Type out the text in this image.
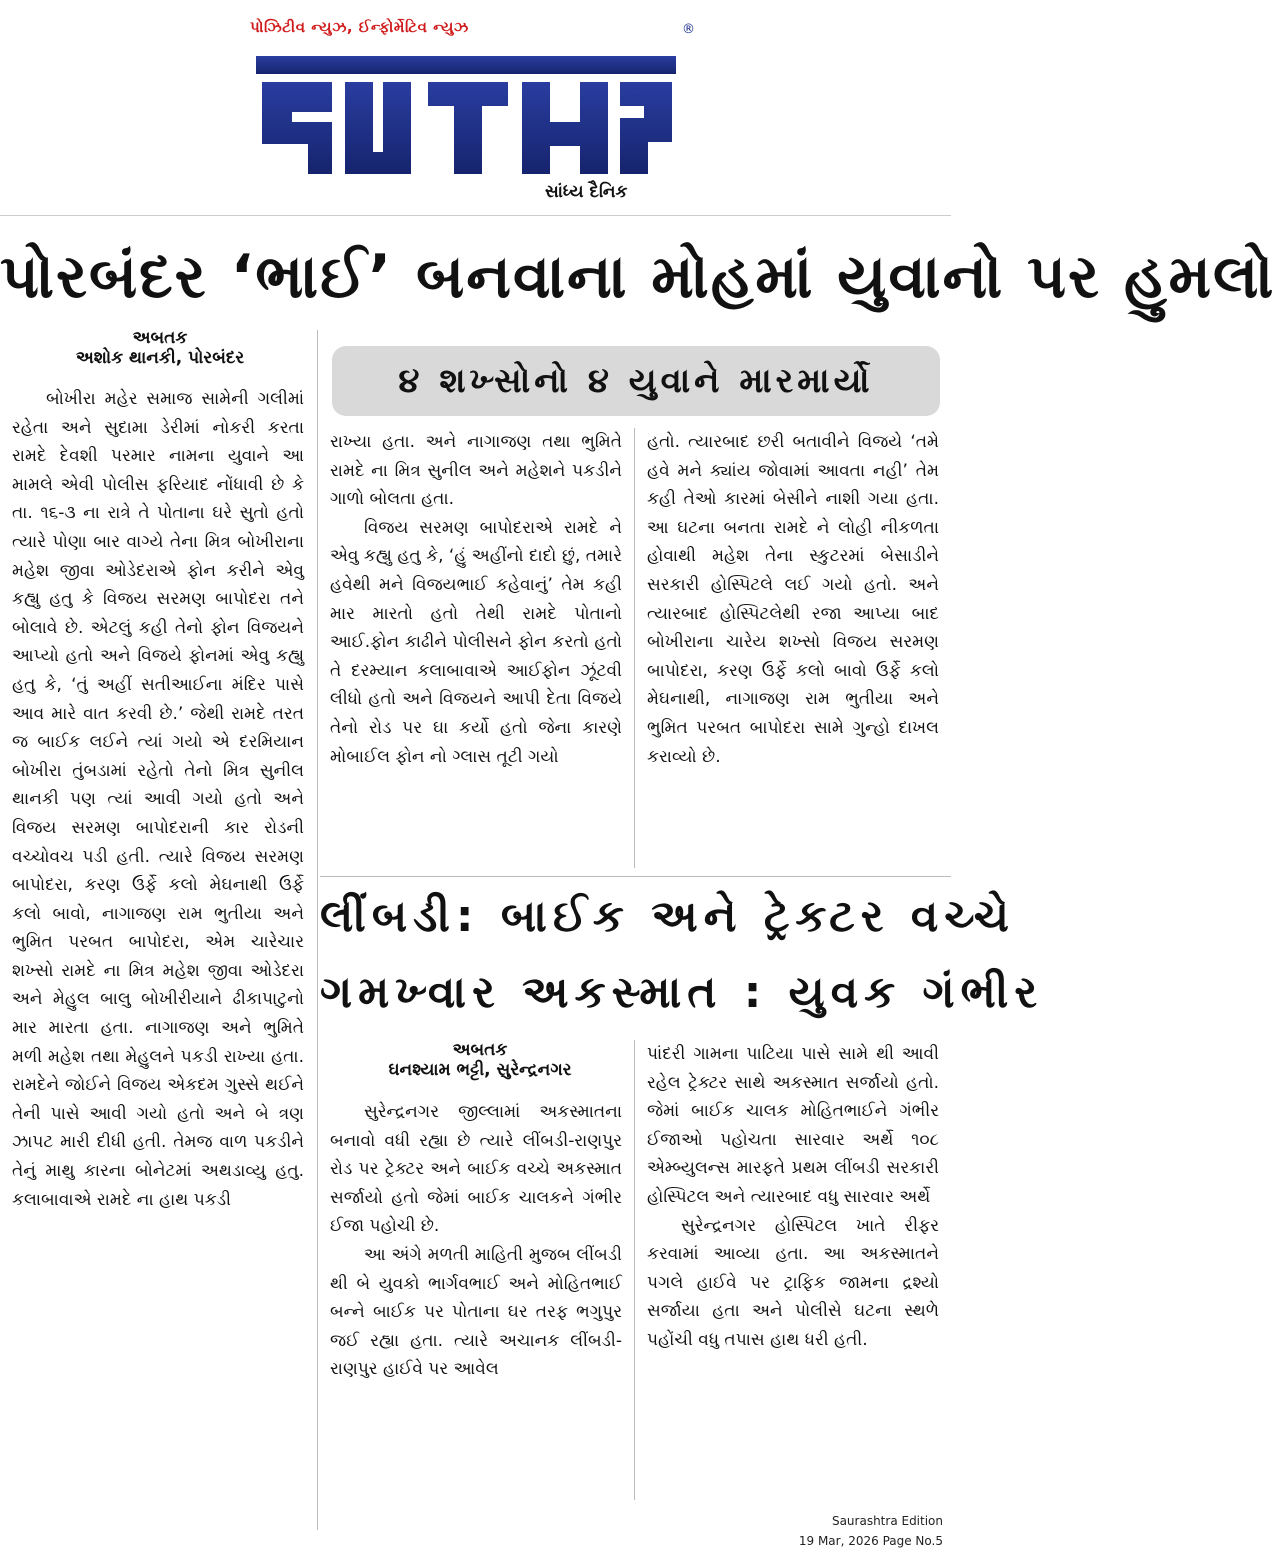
પોઝિટીવ ન્યુઝ, ઈન્ફોર્મેટિવ ન્યુઝ	®
સાંધ્ય દૈનિક
પોરબંદર ‘ભાઈ’ બનવાના મોહમાં યુવાનો પર હુમલો
અબતક
અશોક થાનકી, પોરબંદર
૪ શખ્સોનો ૪ યુવાને મારમાર્યો

બોખીરા મહેર સમાજ સામેની ગલીમાં રહેતા અને સુદામા ડેરીમાં નોકરી કરતા રામદે દેવશી પરમાર નામના યુવાને આ મામલે એવી પોલીસ ફરિયાદ નોંધાવી છે કે તા. ૧૬-૩ ના રાત્રે તે પોતાના ઘરે સુતો હતો ત્યારે પોણા બાર વાગ્યે તેના મિત્ર બોખીરાના મહેશ જીવા ઓડેદરાએ ફોન કરીને એવુ કહ્યુ હતુ કે વિજય સરમણ બાપોદરા તને બોલાવે છે. એટલું કહી તેનો ફોન વિજયને આપ્યો હતો અને વિજયે ફોનમાં એવુ કહ્યુ હતુ કે, ‘તું અહીં સતીઆઈના મંદિર પાસે આવ મારે વાત કરવી છે.’ જેથી રામદે તરત જ બાઈક લઈને ત્યાં ગયો એ દરમિયાન બોખીરા તુંબડામાં રહેતો તેનો મિત્ર સુનીલ થાનકી પણ ત્યાં આવી ગયો હતો અને વિજય સરમણ બાપોદરાની કાર રોડની વચ્ચોવચ પડી હતી. ત્યારે વિજય સરમણ બાપોદરા, કરણ ઉર્ફે કલો મેઘનાથી ઉર્ફે કલો બાવો, નાગાજણ રામ ભુતીયા અને ભુમિત પરબત બાપોદરા, એમ ચારેચાર શખ્સો રામદે ના મિત્ર મહેશ જીવા ઓડેદરા અને મેહુલ બાલુ બોખીરીયાને ઢીકાપાટુનો માર મારતા હતા. નાગાજણ અને ભુમિતે મળી મહેશ તથા મેહુલને પકડી રાખ્યા હતા. રામદેને જોઈને વિજય એકદમ ગુસ્સે થઈને તેની પાસે આવી ગયો હતો અને બે ત્રણ ઝાપટ મારી દીધી હતી. તેમજ વાળ પકડીને તેનું માથુ કારના બોનેટમાં અથડાવ્યુ હતુ. કલાબાવાએ રામદે ના હાથ પકડી

રાખ્યા હતા. અને નાગાજણ તથા ભુમિતે રામદે ના મિત્ર સુનીલ અને મહેશને પકડીને ગાળો બોલતા હતા.

વિજય સરમણ બાપોદરાએ રામદે ને એવુ કહ્યુ હતુ કે, ‘હું અહીંનો દાદો છું, તમારે હવેથી મને વિજયભાઈ કહેવાનું’ તેમ કહી માર મારતો હતો તેથી રામદે પોતાનો આઈ.ફોન કાઢીને પોલીસને ફોન કરતો હતો તે દરમ્યાન કલાબાવાએ આઈફોન ઝૂંટવી લીધો હતો અને વિજયને આપી દેતા વિજયે તેનો રોડ પર ઘા કર્યો હતો જેના કારણે મોબાઈલ ફોન નો ગ્લાસ તૂટી ગયો

હતો. ત્યારબાદ છરી બતાવીને વિજયે ‘તમે હવે મને ક્યાંય જોવામાં આવતા નહી’ તેમ કહી તેઓ કારમાં બેસીને નાશી ગયા હતા. આ ઘટના બનતા રામદે ને લોહી નીકળતા હોવાથી મહેશ તેના સ્કુટરમાં બેસાડીને સરકારી હોસ્પિટલે લઈ ગયો હતો. અને ત્યારબાદ હોસ્પિટલેથી રજા આપ્યા બાદ બોખીરાના ચારેય શખ્સો વિજય સરમણ બાપોદરા, કરણ ઉર્ફે કલો બાવો ઉર્ફે કલો મેઘનાથી, નાગાજણ રામ ભુતીયા અને ભુમિત પરબત બાપોદરા સામે ગુન્હો દાખલ કરાવ્યો છે.

લીંબડી: બાઈક અને ટ્રેક્ટર વચ્ચે
ગમખ્વાર અકસ્માત : યુવક ગંભીર
અબતક
ઘનશ્યામ ભટ્ટી, સુરેન્દ્રનગર

સુરેન્દ્રનગર જીલ્લામાં અકસ્માતના બનાવો વધી રહ્યા છે ત્યારે લીંબડી-રાણપુર રોડ પર ટ્રેક્ટર અને બાઈક વચ્ચે અકસ્માત સર્જાયો હતો જેમાં બાઈક ચાલકને ગંભીર ઈજા પહોચી છે.

આ અંગે મળતી માહિતી મુજબ લીંબડી થી બે યુવકો ભાર્ગવભાઈ અને મોહિતભાઈ બન્ને બાઈક પર પોતાના ઘર તરફ ભગુપુર જઈ રહ્યા હતા. ત્યારે અચાનક લીંબડી-રાણપુર હાઈવે પર આવેલ

પાંદરી ગામના પાટિયા પાસે સામે થી આવી રહેલ ટ્રેક્ટર સાથે અકસ્માત સર્જાયો હતો. જેમાં બાઈક ચાલક મોહિતભાઈને ગંભીર ઈજાઓ પહોચતા સારવાર અર્થે ૧૦૮ એમ્બ્યુલન્સ મારફતે પ્રથમ લીંબડી સરકારી હોસ્પિટલ અને ત્યારબાદ વધુ સારવાર અર્થે

સુરેન્દ્રનગર હોસ્પિટલ ખાતે રીફર કરવામાં આવ્યા હતા. આ અકસ્માતને પગલે હાઈવે પર ટ્રાફિક જામના દ્રશ્યો સર્જાયા હતા અને પોલીસે ઘટના સ્થળે પહોંચી વધુ તપાસ હાથ ધરી હતી.

Saurashtra Edition
19 Mar, 2026 Page No.5
